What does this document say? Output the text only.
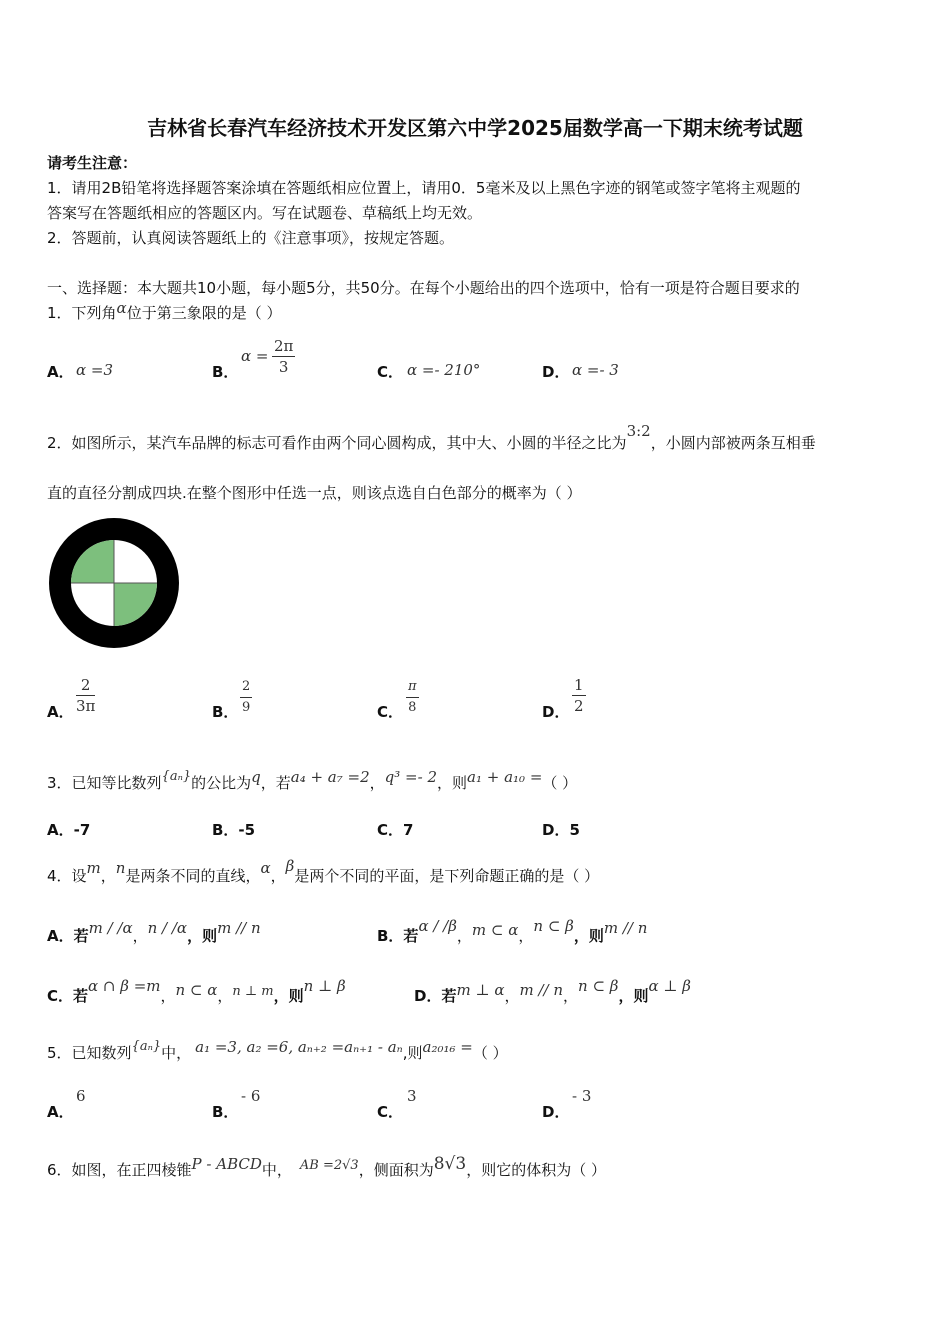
吉林省长春汽车经济技术开发区第六中学2025届数学高一下期末统考试题
请考生注意：
1．请用2B铅笔将选择题答案涂填在答题纸相应位置上，请用0．5毫米及以上黑色字迹的钢笔或签字笔将主观题的
答案写在答题纸相应的答题区内。写在试题卷、草稿纸上均无效。
2．答题前，认真阅读答题纸上的《注意事项》，按规定答题。
一、选择题：本大题共10小题，每小题5分，共50分。在每个小题给出的四个选项中，恰有一项是符合题目要求的
1．下列角α位于第三象限的是（ ）
A． α =3	B．
$\alpha = \frac{2\pi}{3}$	C． α =- 210°	D． α =- 3
2．如图所示，某汽车品牌的标志可看作由两个同心圆构成，其中大、小圆的半径之比为3:2，小圆内部被两条互相垂
直的直径分割成四块.在整个图形中任选一点，则该点选自白色部分的概率为（ ）
A． $\frac{2}{3\pi}$	B． $\frac{2}{9}$	C． $\frac{\pi}{8}$	D． $\frac{1}{2}$
3．已知等比数列{aₙ}的公比为q，若a₄ + a₇ =2，q³ =- 2，则a₁ + a₁₀ =（ ）
A．-7	B．-5	C．7	D．5
4．设m，n是两条不同的直线，α，β是两个不同的平面，是下列命题正确的是（ ）
A．若m / /α，n / /α，则m // n	B．若α / /β，m ⊂ α，n ⊂ β，则m // n
C．若α ∩ β =m，n ⊂ α，n ⊥ m，则n ⊥ β
D．若m ⊥ α，m // n，n ⊂ β，则α ⊥ β
5．已知数列{aₙ}中， a₁ =3, a₂ =6, aₙ₊₂ =aₙ₊₁ - aₙ,则a₂₀₁₆ =（ ）
A．
6
B．
- 6
C．
3
D．
- 3
6．如图，在正四棱锥P - ABCD中， AB =2√3，侧面积为8√3，则它的体积为（ ）
